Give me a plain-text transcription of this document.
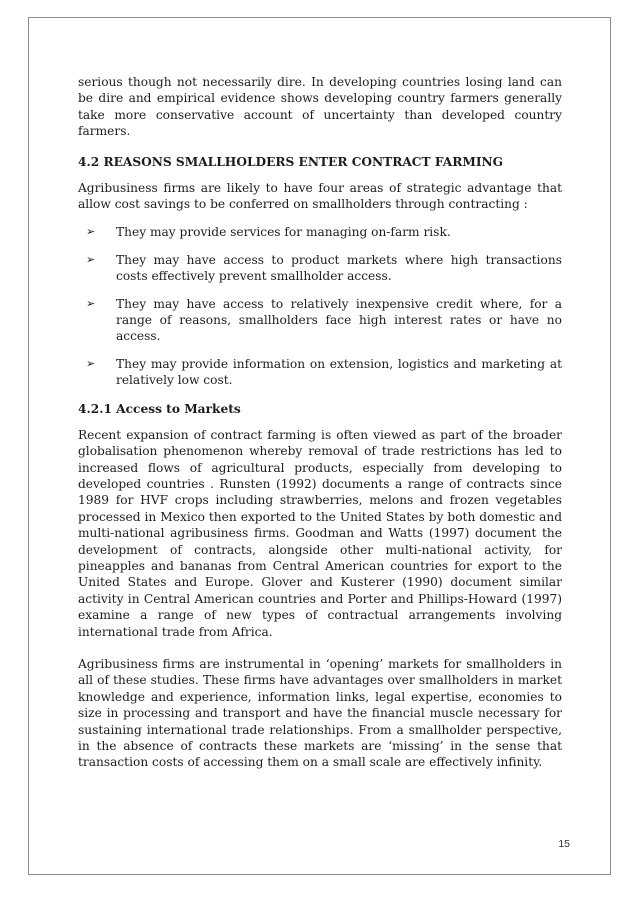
serious though not necessarily dire. In developing countries losing land can be dire and empirical evidence shows developing country farmers generally take more conservative account of uncertainty than developed country farmers.

4.2 REASONS SMALLHOLDERS ENTER CONTRACT FARMING

Agribusiness firms are likely to have four areas of strategic advantage that allow cost savings to be conferred on smallholders through contracting :

➢ They may provide services for managing on-farm risk.
➢ They may have access to product markets where high transactions costs effectively prevent smallholder access.
➢ They may have access to relatively inexpensive credit where, for a range of reasons, smallholders face high interest rates or have no access.
➢ They may provide information on extension, logistics and marketing at relatively low cost.
4.2.1 Access to Markets

Recent expansion of contract farming is often viewed as part of the broader globalisation phenomenon whereby removal of trade restrictions has led to increased flows of agricultural products, especially from developing to developed countries . Runsten (1992) documents a range of contracts since 1989 for HVF crops including strawberries, melons and frozen vegetables processed in Mexico then exported to the United States by both domestic and multi-national agribusiness firms. Goodman and Watts (1997) document the development of contracts, alongside other multi-national activity, for pineapples and bananas from Central American countries for export to the United States and Europe. Glover and Kusterer (1990) document similar activity in Central American countries and Porter and Phillips-Howard (1997) examine a range of new types of contractual arrangements involving international trade from Africa.

Agribusiness firms are instrumental in ‘opening’ markets for smallholders in all of these studies. These firms have advantages over smallholders in market knowledge and experience, information links, legal expertise, economies to size in processing and transport and have the financial muscle necessary for sustaining international trade relationships. From a smallholder perspective, in the absence of contracts these markets are ‘missing’ in the sense that transaction costs of accessing them on a small scale are effectively infinity.

15
